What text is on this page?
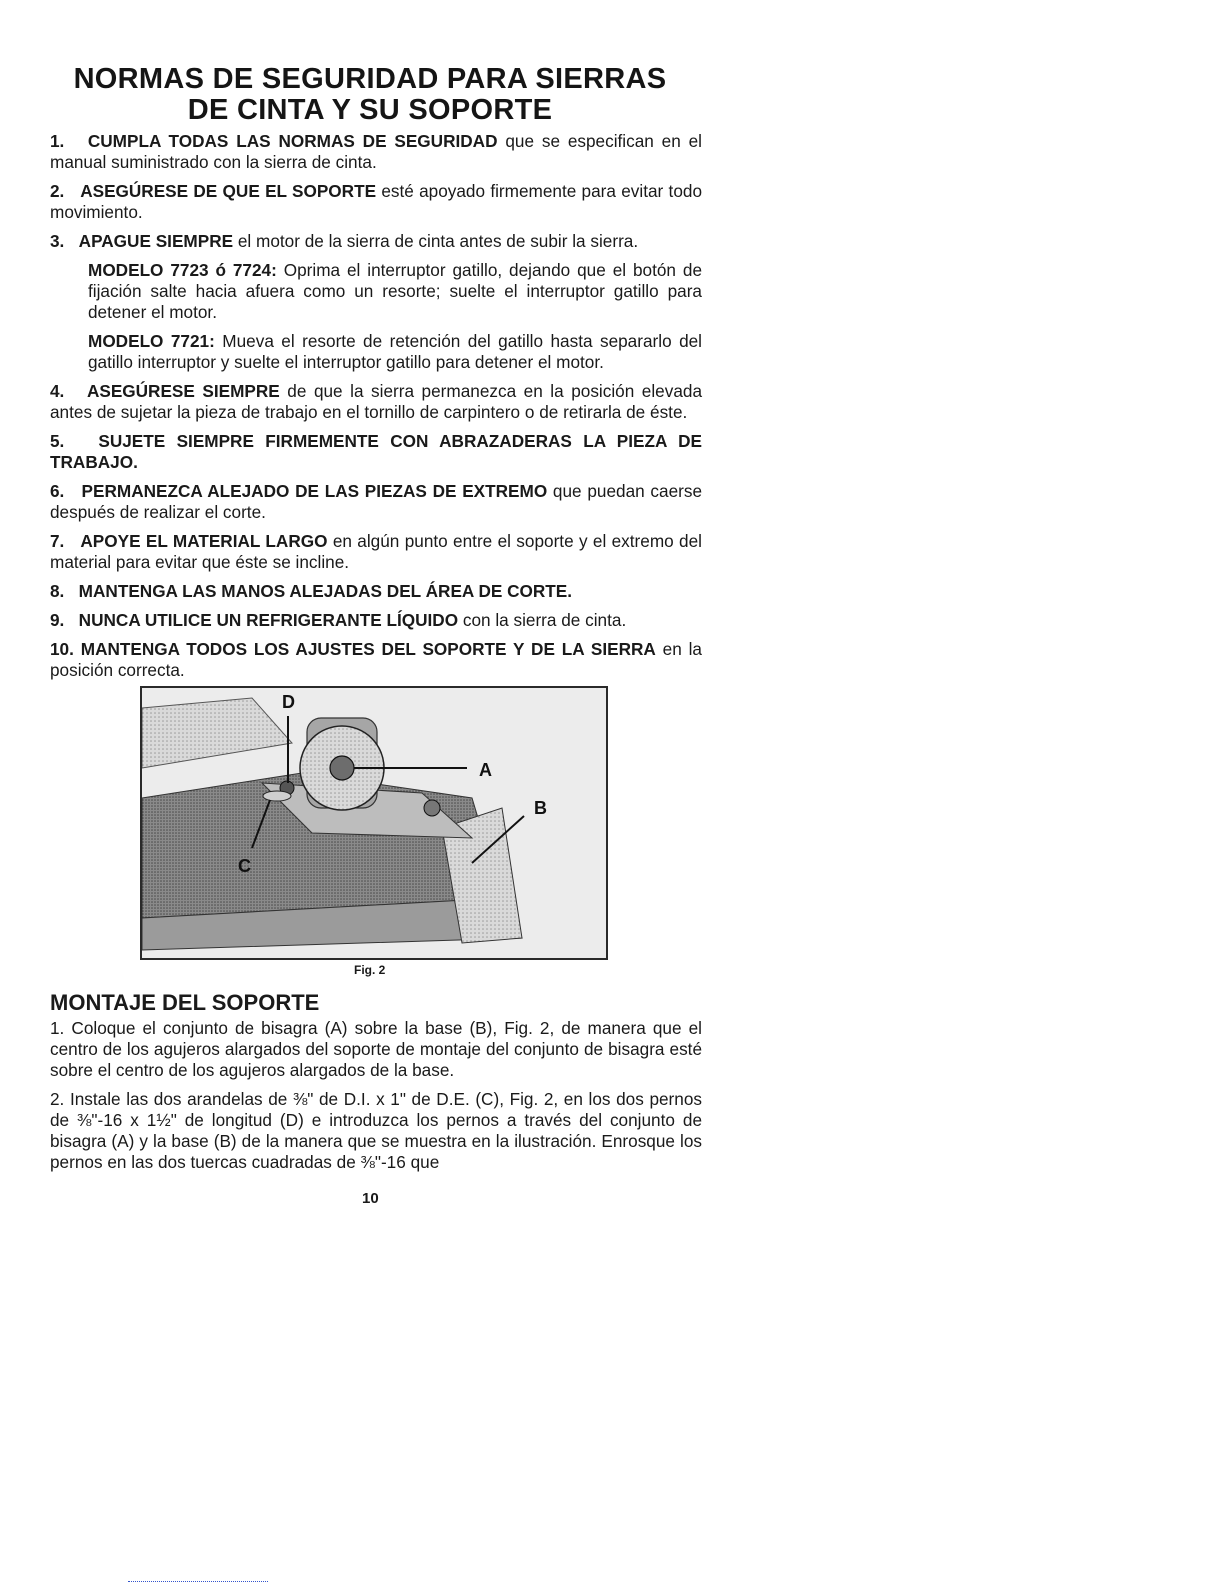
NORMAS DE SEGURIDAD PARA SIERRAS
DE CINTA Y SU SOPORTE

1. CUMPLA TODAS LAS NORMAS DE SEGURIDAD que se especifican en el manual suministrado con la sierra de cinta.

2. ASEGÚRESE DE QUE EL SOPORTE esté apoyado firmemente para evitar todo movimiento.

3. APAGUE SIEMPRE el motor de la sierra de cinta antes de subir la sierra.

MODELO 7723 ó 7724: Oprima el interruptor gatillo, dejando que el botón de fijación salte hacia afuera como un resorte; suelte el interruptor gatillo para detener el motor.

MODELO 7721: Mueva el resorte de retención del gatillo hasta separarlo del gatillo interruptor y suelte el interruptor gatillo para detener el motor.

4. ASEGÚRESE SIEMPRE de que la sierra permanezca en la posición elevada antes de sujetar la pieza de trabajo en el tornillo de carpintero o de retirarla de éste.

5. SUJETE SIEMPRE FIRMEMENTE CON ABRAZADERAS LA PIEZA DE TRABAJO.

6. PERMANEZCA ALEJADO DE LAS PIEZAS DE EXTREMO que puedan caerse después de realizar el corte.

7. APOYE EL MATERIAL LARGO en algún punto entre el soporte y el extremo del material para evitar que éste se incline.

8. MANTENGA LAS MANOS ALEJADAS DEL ÁREA DE CORTE.

9. NUNCA UTILICE UN REFRIGERANTE LÍQUIDO con la sierra de cinta.

10. MANTENGA TODOS LOS AJUSTES DEL SOPORTE Y DE LA SIERRA en la posición correcta.

D
A
B
C
Fig. 2
MONTAJE DEL SOPORTE

1. Coloque el conjunto de bisagra (A) sobre la base (B), Fig. 2, de manera que el centro de los agujeros alargados del soporte de montaje del conjunto de bisagra esté sobre el centro de los agujeros alargados de la base.

2. Instale las dos arandelas de ⅜" de D.I. x 1" de D.E. (C), Fig. 2, en los dos pernos de ⅜"-16 x 1½" de longitud (D) e introduzca los pernos a través del conjunto de bisagra (A) y la base (B) de la manera que se muestra en la ilustración. Enrosque los pernos en las dos tuercas cuadradas de ⅜"-16 que

10
